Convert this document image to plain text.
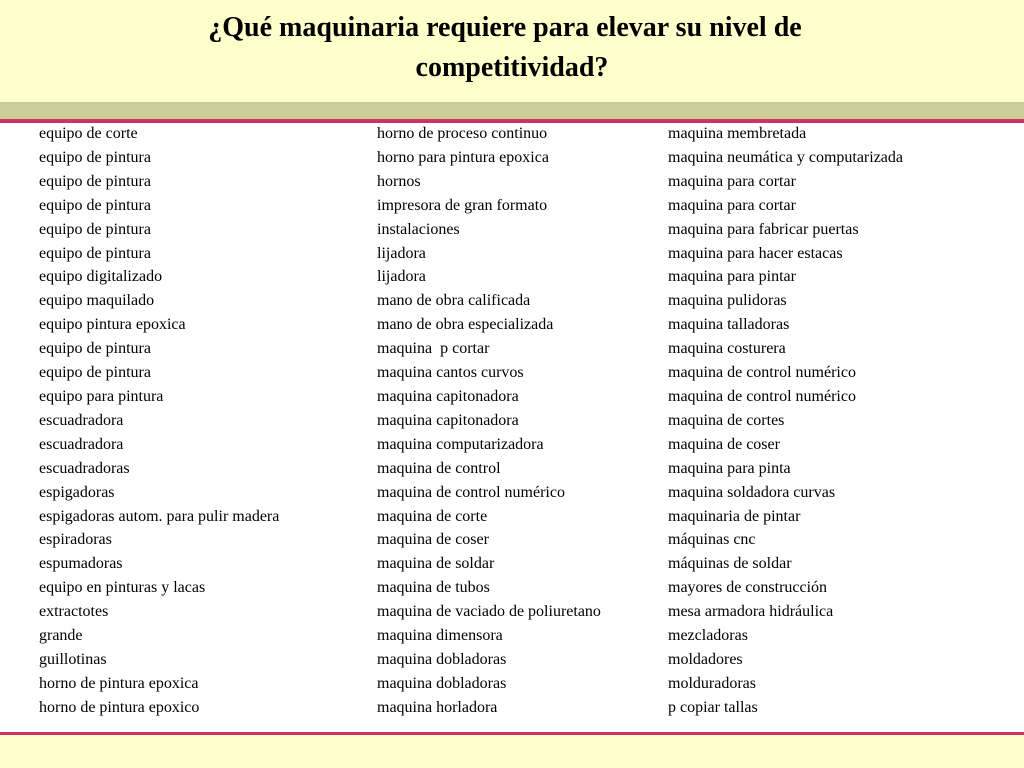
¿Qué maquinaria requiere para elevar su nivel de
competitividad?
equipo de corte
equipo de pintura
equipo de pintura
equipo de pintura
equipo de pintura
equipo de pintura
equipo digitalizado
equipo maquilado
equipo pintura epoxica
equipo de pintura
equipo de pintura
equipo para pintura
escuadradora
escuadradora
escuadradoras
espigadoras
espigadoras autom. para pulir madera
espiradoras
espumadoras
equipo en pinturas y lacas
extractotes
grande
guillotinas
horno de pintura epoxica
horno de pintura epoxico
horno de proceso continuo
horno para pintura epoxica
hornos
impresora de gran formato
instalaciones
lijadora
lijadora
mano de obra calificada
mano de obra especializada
maquina  p cortar
maquina cantos curvos
maquina capitonadora
maquina capitonadora
maquina computarizadora
maquina de control
maquina de control numérico
maquina de corte
maquina de coser
maquina de soldar
maquina de tubos
maquina de vaciado de poliuretano
maquina dimensora
maquina dobladoras
maquina dobladoras
maquina horladora
maquina membretada
maquina neumática y computarizada
maquina para cortar
maquina para cortar
maquina para fabricar puertas
maquina para hacer estacas
maquina para pintar
maquina pulidoras
maquina talladoras
maquina costurera
maquina de control numérico
maquina de control numérico
maquina de cortes
maquina de coser
maquina para pinta
maquina soldadora curvas
maquinaria de pintar
máquinas cnc
máquinas de soldar
mayores de construcción
mesa armadora hidráulica
mezcladoras
moldadores
molduradoras
p copiar tallas
